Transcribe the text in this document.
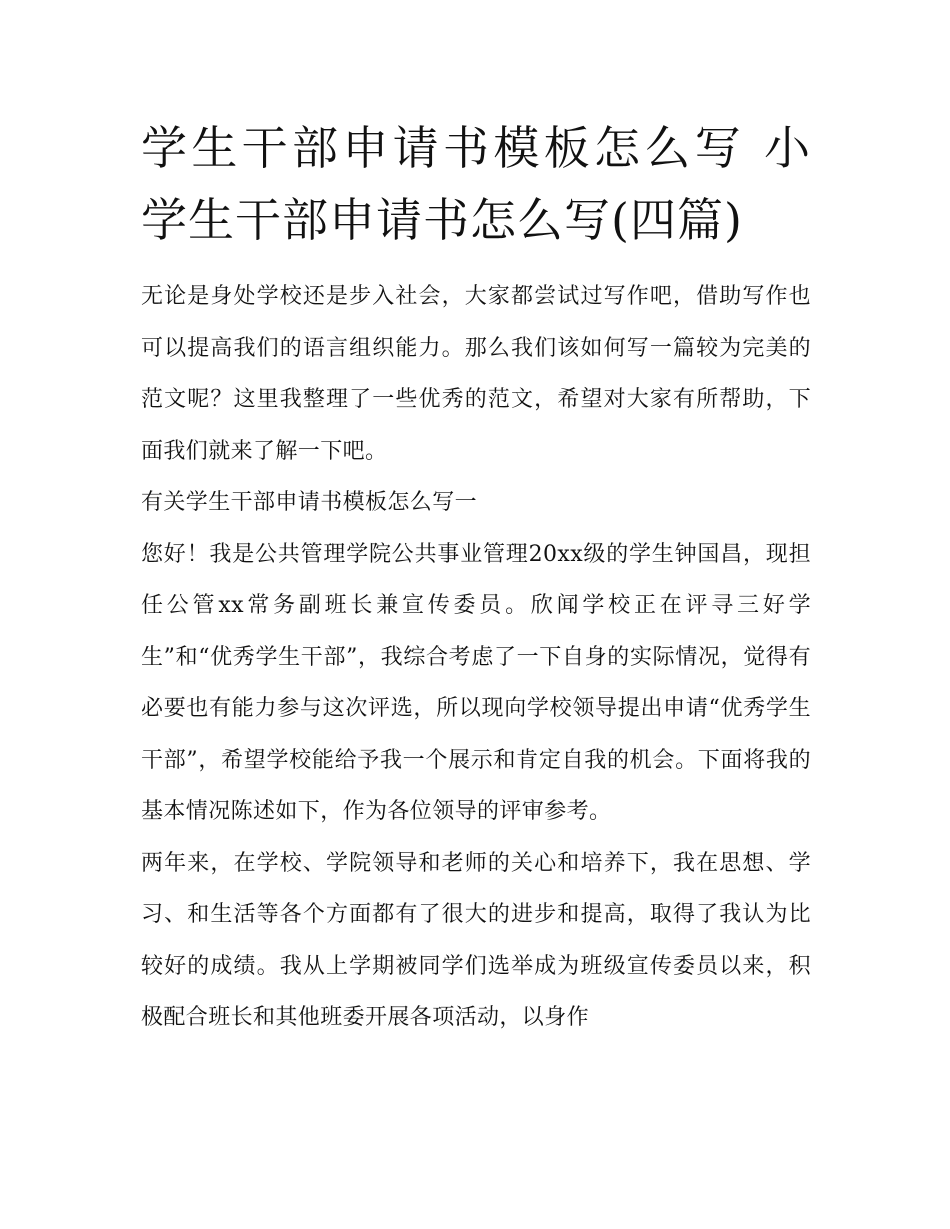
学生干部申请书模板怎么写 小学生干部申请书怎么写(四篇)

无论是身处学校还是步入社会，大家都尝试过写作吧，借助写作也可以提高我们的语言组织能力。那么我们该如何写一篇较为完美的范文呢？这里我整理了一些优秀的范文，希望对大家有所帮助，下面我们就来了解一下吧。

有关学生干部申请书模板怎么写一

您好！我是公共管理学院公共事业管理20xx级的学生钟国昌，现担任公管xx常务副班长兼宣传委员。欣闻学校正在评寻三好学生”和“优秀学生干部”，我综合考虑了一下自身的实际情况，觉得有必要也有能力参与这次评选，所以现向学校领导提出申请“优秀学生干部”，希望学校能给予我一个展示和肯定自我的机会。下面将我的基本情况陈述如下，作为各位领导的评审参考。

两年来，在学校、学院领导和老师的关心和培养下，我在思想、学习、和生活等各个方面都有了很大的进步和提高，取得了我认为比较好的成绩。我从上学期被同学们选举成为班级宣传委员以来，积极配合班长和其他班委开展各项活动，以身作
